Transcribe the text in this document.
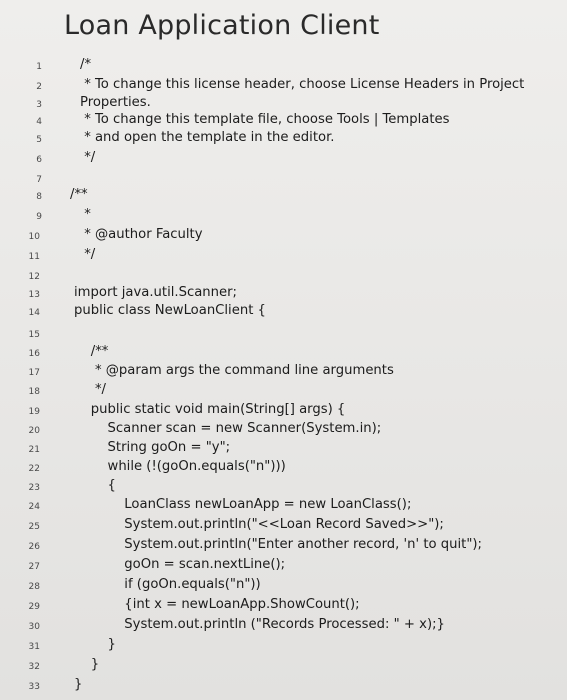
Loan Application Client
1	/*
2	* To change this license header, choose License Headers in Project
3	Properties.
4	* To change this template file, choose Tools | Templates
5	* and open the template in the editor.
6	*/
7
8 /**
9	*
10	* @author Faculty
11	*/
12
13	import java.util.Scanner;
14	public class NewLoanClient {
15
16	/**
17	* @param args the command line arguments
18	*/
19	public static void main(String[] args) {
20	Scanner scan = new Scanner(System.in);
21	String goOn = "y";
22	while (!(goOn.equals("n")))
23	{
24	LoanClass newLoanApp = new LoanClass();
25	System.out.println("<<Loan Record Saved>>");
26	System.out.println("Enter another record, 'n' to quit");
27	goOn = scan.nextLine();
28	if (goOn.equals("n"))
29	{int x = newLoanApp.ShowCount();
30	System.out.println ("Records Processed: " + x);}
31	}
32	}
33	}
